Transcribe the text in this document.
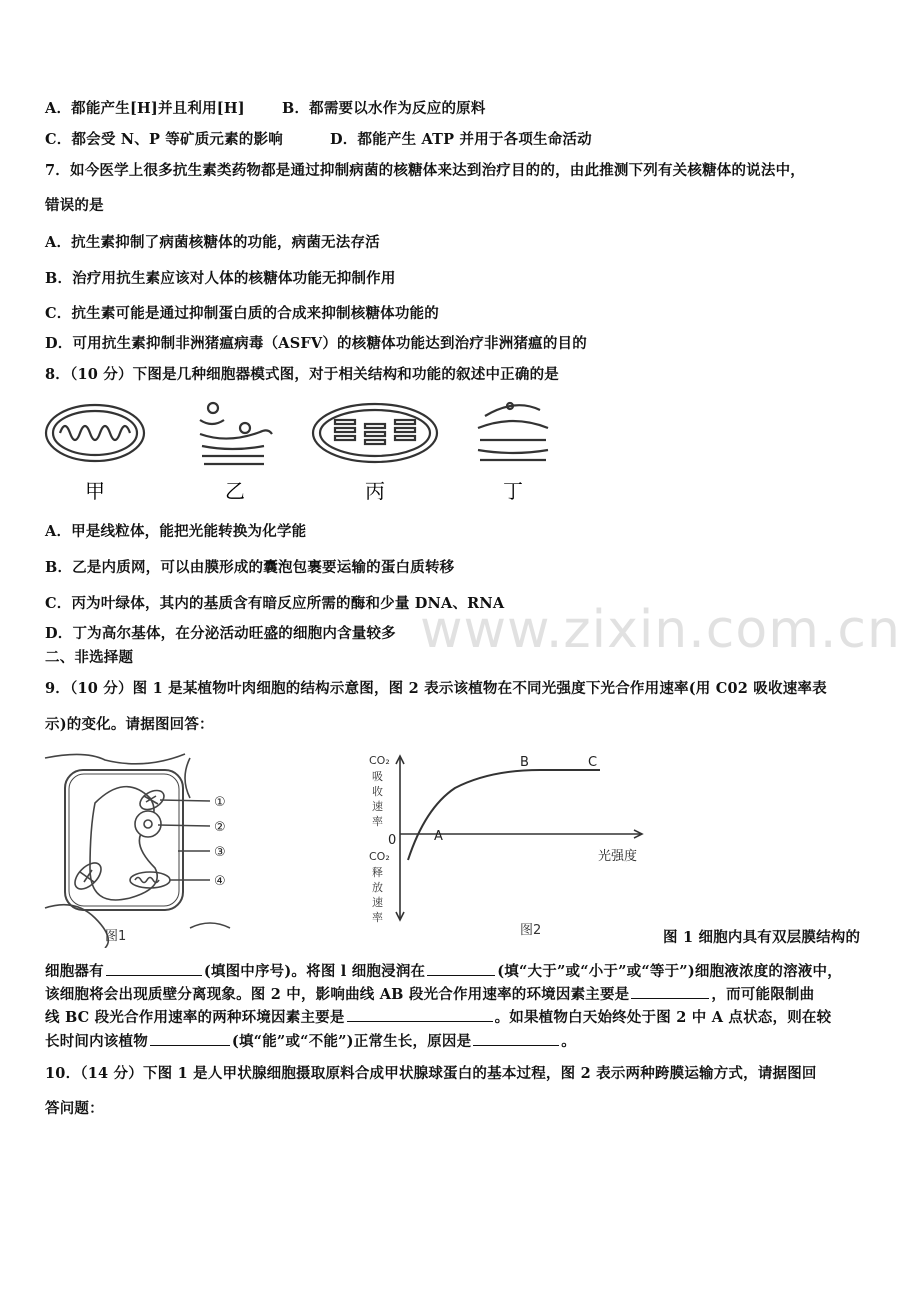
www.zixin.com.cn
A．都能产生[H]并且利用[H]	B．都需要以水作为反应的原料
C．都会受 N、P 等矿质元素的影响	D．都能产生 ATP 并用于各项生命活动
7．如今医学上很多抗生素类药物都是通过抑制病菌的核糖体来达到治疗目的的，由此推测下列有关核糖体的说法中，
错误的是
A．抗生素抑制了病菌核糖体的功能，病菌无法存活
B．治疗用抗生素应该对人体的核糖体功能无抑制作用
C．抗生素可能是通过抑制蛋白质的合成来抑制核糖体功能的
D．可用抗生素抑制非洲猪瘟病毒（ASFV）的核糖体功能达到治疗非洲猪瘟的目的
8．（10 分）下图是几种细胞器模式图，对于相关结构和功能的叙述中正确的是
甲	乙	丙	丁
A．甲是线粒体，能把光能转换为化学能
B．乙是内质网，可以由膜形成的囊泡包裹要运输的蛋白质转移
C．丙为叶绿体，其内的基质含有暗反应所需的酶和少量 DNA、RNA
D．丁为高尔基体，在分泌活动旺盛的细胞内含量较多
二、非选择题
9．（10 分）图 1 是某植物叶肉细胞的结构示意图，图 2 表示该植物在不同光强度下光合作用速率(用 C02 吸收速率表
示)的变化。请据图回答：
①
②
③
④
图1
CO₂
吸
收
速
率
CO₂
释
放
速
率
0
光强度
A
B	C
图2	图 1 细胞内具有双层膜结构的
细胞器有	(填图中序号)。将图 l 细胞浸润在	(填“大于”或“小于”或“等于”)细胞液浓度的溶液中，
该细胞将会出现质壁分离现象。图 2 中，影响曲线 AB 段光合作用速率的环境因素主要是	，而可能限制曲
线 BC 段光合作用速率的两种环境因素主要是	。如果植物白天始终处于图 2 中 A 点状态，则在较
长时间内该植物	(填“能”或“不能”)正常生长，原因是	。
10．（14 分）下图 1 是人甲状腺细胞摄取原料合成甲状腺球蛋白的基本过程，图 2 表示两种跨膜运输方式，请据图回
答问题：
